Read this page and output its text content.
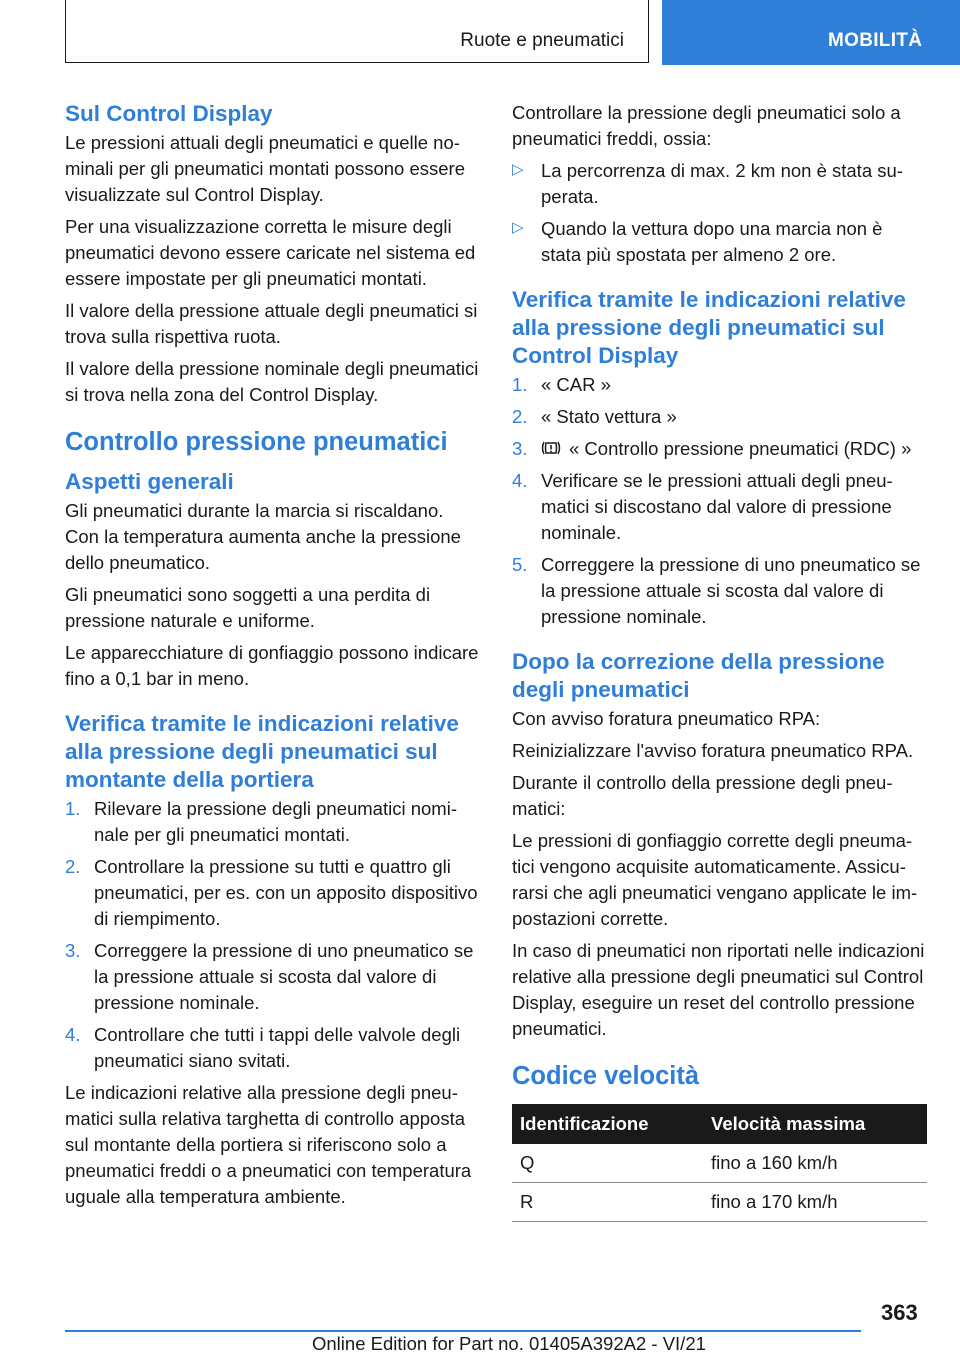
Ruote e pneumatici	MOBILITÀ
Sul Control Display

Le pressioni attuali degli pneumatici e quelle nominali per gli pneumatici montati possono essere visualizzate sul Control Display.

Per una visualizzazione corretta le misure degli pneumatici devono essere caricate nel sistema ed essere impostate per gli pneumatici montati.

Il valore della pressione attuale degli pneumatici si trova sulla rispettiva ruota.

Il valore della pressione nominale degli pneumatici si trova nella zona del Control Display.

Controllo pressione pneumatici
Aspetti generali

Gli pneumatici durante la marcia si riscaldano. Con la temperatura aumenta anche la pressione dello pneumatico.

Gli pneumatici sono soggetti a una perdita di pressione naturale e uniforme.

Le apparecchiature di gonfiaggio possono indicare fino a 0,1 bar in meno.

Verifica tramite le indicazioni relative alla pressione degli pneumatici sul montante della portiera
1. Rilevare la pressione degli pneumatici nominale per gli pneumatici montati.
2. Controllare la pressione su tutti e quattro gli pneumatici, per es. con un apposito dispositivo di riempimento.
3. Correggere la pressione di uno pneumatico se la pressione attuale si scosta dal valore di pressione nominale.
4. Controllare che tutti i tappi delle valvole degli pneumatici siano svitati.

Le indicazioni relative alla pressione degli pneumatici sulla relativa targhetta di controllo apposta sul montante della portiera si riferiscono solo a pneumatici freddi o a pneumatici con temperatura uguale alla temperatura ambiente.

Controllare la pressione degli pneumatici solo a pneumatici freddi, ossia:

▷ La percorrenza di max. 2 km non è stata superata.
▷ Quando la vettura dopo una marcia non è stata più spostata per almeno 2 ore.
Verifica tramite le indicazioni relative alla pressione degli pneumatici sul Control Display
1. « CAR »
2. « Stato vettura »
3. « Controllo pressione pneumatici (RDC) »
4. Verificare se le pressioni attuali degli pneumatici si discostano dal valore di pressione nominale.
5. Correggere la pressione di uno pneumatico se la pressione attuale si scosta dal valore di pressione nominale.
Dopo la correzione della pressione degli pneumatici

Con avviso foratura pneumatico RPA:

Reinizializzare l'avviso foratura pneumatico RPA.

Durante il controllo della pressione degli pneumatici:

Le pressioni di gonfiaggio corrette degli pneumatici vengono acquisite automaticamente. Assicurarsi che agli pneumatici vengano applicate le impostazioni corrette.

In caso di pneumatici non riportati nelle indicazioni relative alla pressione degli pneumatici sul Control Display, eseguire un reset del controllo pressione pneumatici.

Codice velocità
Identificazione	Velocità massima
Q	fino a 160 km/h
R	fino a 170 km/h
363
Online Edition for Part no. 01405A392A2 - VI/21
